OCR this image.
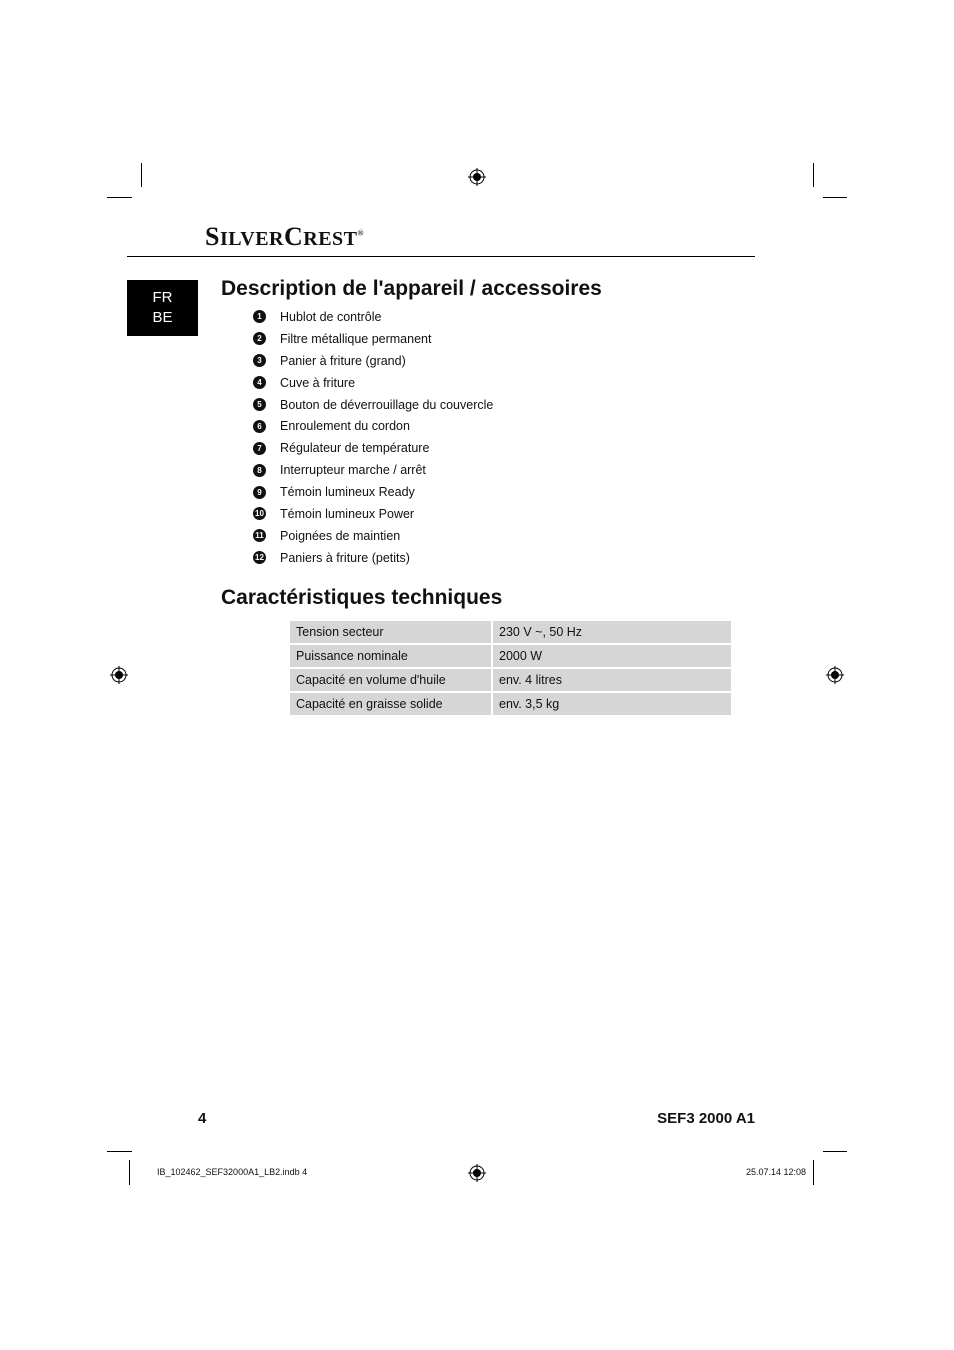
SILVERCREST®
FR
BE
Description de l'appareil / accessoires
1	Hublot de contrôle
2	Filtre métallique permanent
3	Panier à friture (grand)
4	Cuve à friture
5	Bouton de déverrouillage du couvercle
6	Enroulement du cordon
7	Régulateur de température
8	Interrupteur marche / arrêt
9	Témoin lumineux Ready
10 Témoin lumineux Power
11 Poignées de maintien
12 Paniers à friture (petits)
Caractéristiques techniques
Tension secteur	230 V ~, 50 Hz
Puissance nominale	2000 W
Capacité en volume d'huile	env. 4 litres
Capacité en graisse solide	env. 3,5 kg
4	SEF3 2000 A1
IB_102462_SEF32000A1_LB2.indb 4	25.07.14 12:08
